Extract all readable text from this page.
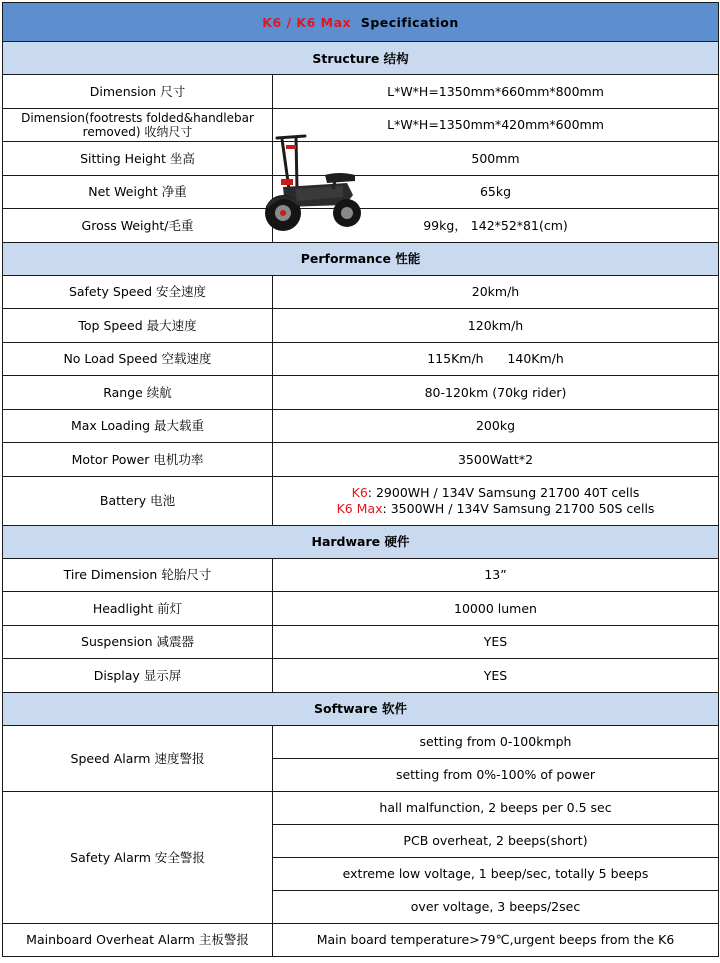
K6 / K6 Max Specification	
Structure 结构	
Dimension 尺寸	L*W*H=1350mm*660mm*800mm
Dimension(footrests folded&handlebar removed) 收纳尺寸	L*W*H=1350mm*420mm*600mm
Sitting Height 坐高	500mm
Net Weight 净重	65kg
Gross Weight/毛重	99kg， 142*52*81(cm)
Performance 性能	
Safety Speed 安全速度	20km/h
Top Speed 最大速度	120km/h
No Load Speed 空载速度	115Km/h      140Km/h
Range 续航	80-120km (70kg rider)
Max Loading 最大载重	200kg
Motor Power 电机功率	3500Watt*2
Battery 电池	K6: 2900WH / 134V Samsung 21700 40T cells
K6 Max: 3500WH / 134V Samsung 21700 50S cells

Hardware 硬件	
Tire Dimension 轮胎尺寸	13”
Headlight 前灯	10000 lumen
Suspension 减震器	YES
Display 显示屏	YES
Software 软件	
Speed Alarm 速度警报	setting from 0-100kmph
	setting from 0%-100% of power
Safety Alarm 安全警报	hall malfunction, 2 beeps per 0.5 sec
	PCB overheat, 2 beeps(short)
	extreme low voltage, 1 beep/sec, totally 5 beeps
	over voltage, 3 beeps/2sec
Mainboard Overheat Alarm 主板警报	Main board temperature>79℃,urgent beeps from the K6
